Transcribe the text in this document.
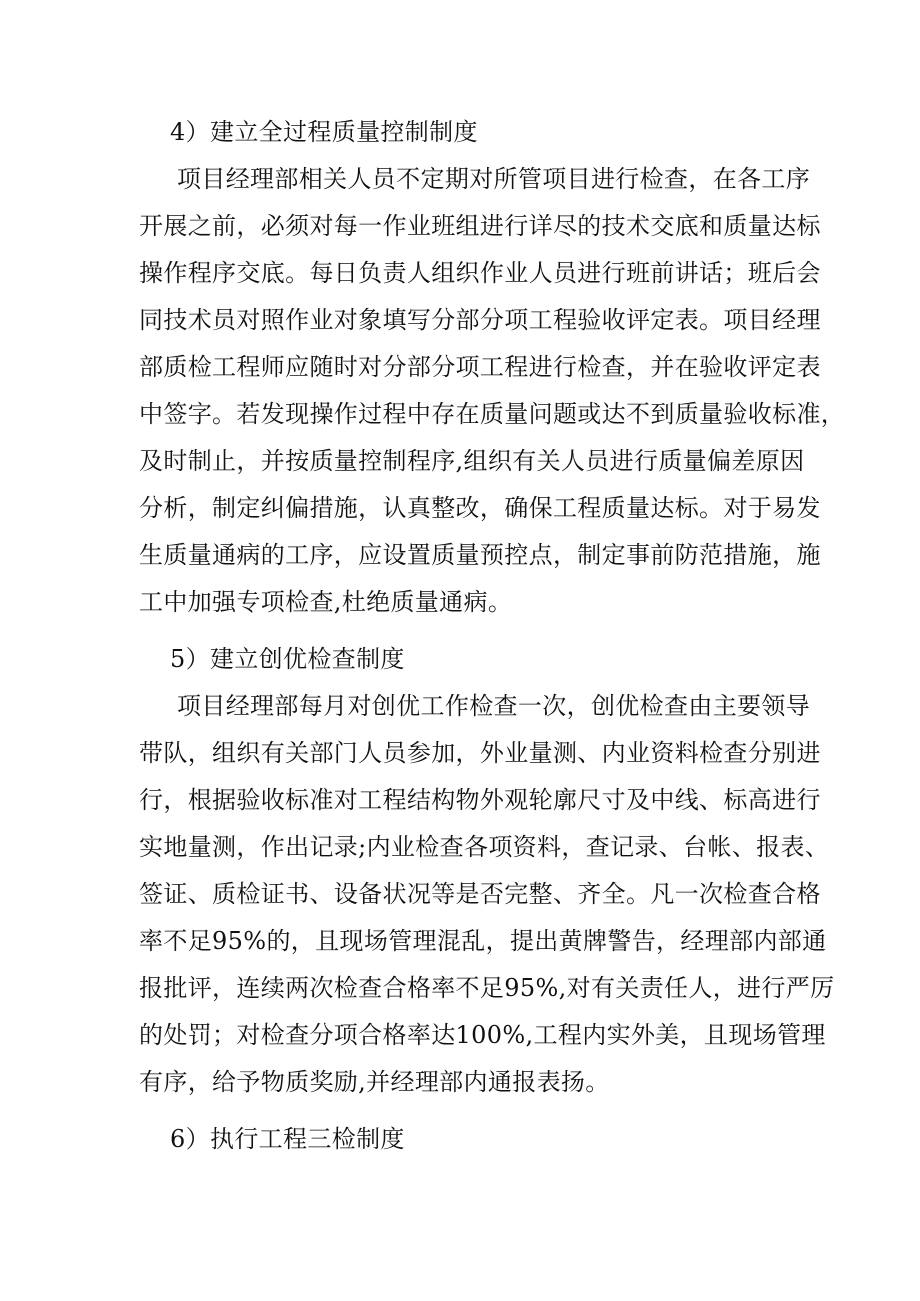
4）建立全过程质量控制制度
项目经理部相关人员不定期对所管项目进行检查，在各工序
开展之前，必须对每一作业班组进行详尽的技术交底和质量达标
操作程序交底。每日负责人组织作业人员进行班前讲话；班后会
同技术员对照作业对象填写分部分项工程验收评定表。项目经理
部质检工程师应随时对分部分项工程进行检查，并在验收评定表
中签字。若发现操作过程中存在质量问题或达不到质量验收标准，
及时制止，并按质量控制程序,组织有关人员进行质量偏差原因
分析，制定纠偏措施，认真整改，确保工程质量达标。对于易发
生质量通病的工序，应设置质量预控点，制定事前防范措施，施
工中加强专项检查,杜绝质量通病。
5）建立创优检查制度
项目经理部每月对创优工作检查一次，创优检查由主要领导
带队，组织有关部门人员参加，外业量测、内业资料检查分别进
行，根据验收标准对工程结构物外观轮廓尺寸及中线、标高进行
实地量测，作出记录;内业检查各项资料，查记录、台帐、报表、
签证、质检证书、设备状况等是否完整、齐全。凡一次检查合格
率不足95%的，且现场管理混乱，提出黄牌警告，经理部内部通
报批评，连续两次检查合格率不足95%,对有关责任人，进行严厉
的处罚；对检查分项合格率达100%,工程内实外美，且现场管理
有序，给予物质奖励,并经理部内通报表扬。
6）执行工程三检制度
